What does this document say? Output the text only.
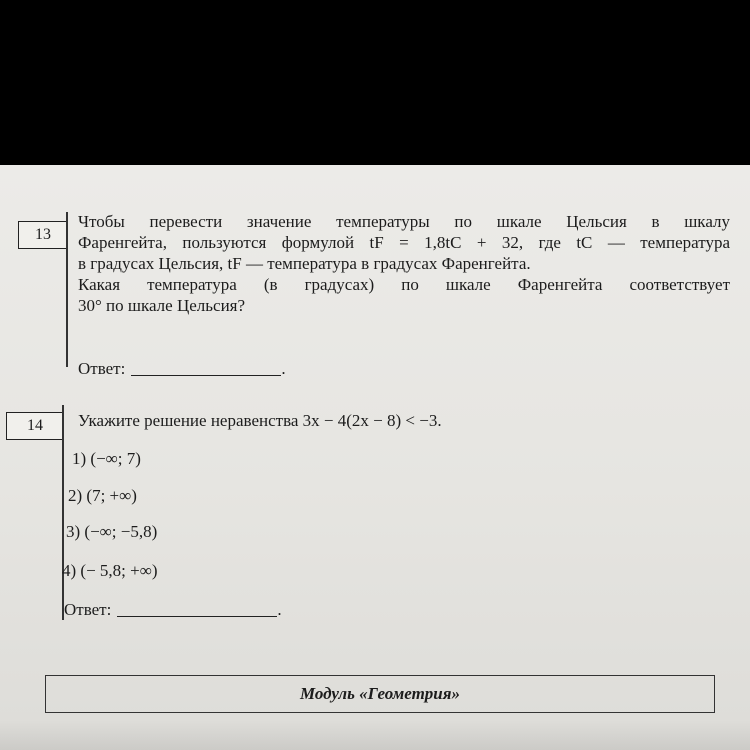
13
Чтобы перевести значение температуры по шкале Цельсия в шкалу
Фаренгейта, пользуются формулой tF = 1,8tC + 32, где tC — температура
в градусах Цельсия, tF — температура в градусах Фаренгейта.
Какая температура (в градусах) по шкале Фаренгейта соответствует
30° по шкале Цельсия?
Ответ:	.
14	Укажите решение неравенства 3x − 4(2x − 8) < −3.
1) (−∞; 7)
2) (7; +∞)
3) (−∞; −5,8)
4) (− 5,8; +∞)
Ответ:	.
Модуль «Геометрия»
